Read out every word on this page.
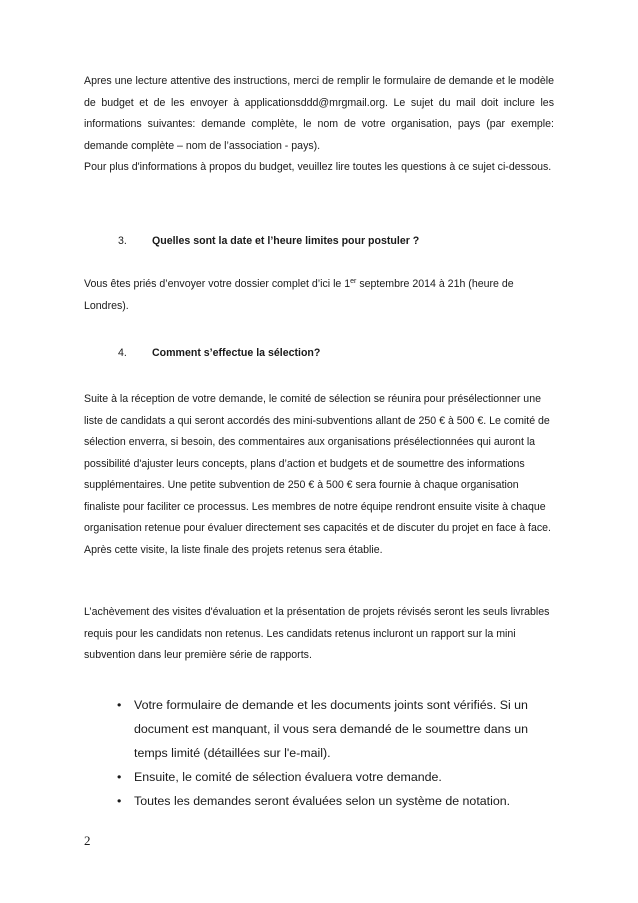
Apres une lecture attentive des instructions, merci de remplir le formulaire de demande et le modèle de budget et de les envoyer à applicationsddd@mrgmail.org. Le sujet du mail doit inclure les informations suivantes: demande complète, le nom de votre organisation, pays (par exemple: demande complète – nom de l’association - pays).

Pour plus d'informations à propos du budget, veuillez lire toutes les questions à ce sujet ci-dessous.

3. Quelles sont la date et l’heure limites pour postuler ?

Vous êtes priés d’envoyer votre dossier complet d’ici le 1er septembre 2014 à 21h (heure de Londres).

4. Comment s’effectue la sélection?

Suite à la réception de votre demande, le comité de sélection se réunira pour présélectionner une liste de candidats a qui seront accordés des mini-subventions allant de 250 € à 500 €. Le comité de sélection enverra, si besoin, des commentaires aux organisations présélectionnées qui auront la possibilité d'ajuster leurs concepts, plans d’action et budgets et de soumettre des informations supplémentaires. Une petite subvention de 250 € à 500 € sera fournie à chaque organisation finaliste pour faciliter ce processus. Les membres de notre équipe rendront ensuite visite à chaque organisation retenue pour évaluer directement ses capacités et de discuter du projet en face à face. Après cette visite, la liste finale des projets retenus sera établie.

L’achèvement des visites d'évaluation et la présentation de projets révisés seront les seuls livrables requis pour les candidats non retenus. Les candidats retenus incluront un rapport sur la mini subvention dans leur première série de rapports.

• Votre formulaire de demande et les documents joints sont vérifiés. Si un document est manquant, il vous sera demandé de le soumettre dans un temps limité (détaillées sur l'e-mail).
• Ensuite, le comité de sélection évaluera votre demande.
• Toutes les demandes seront évaluées selon un système de notation.
2
